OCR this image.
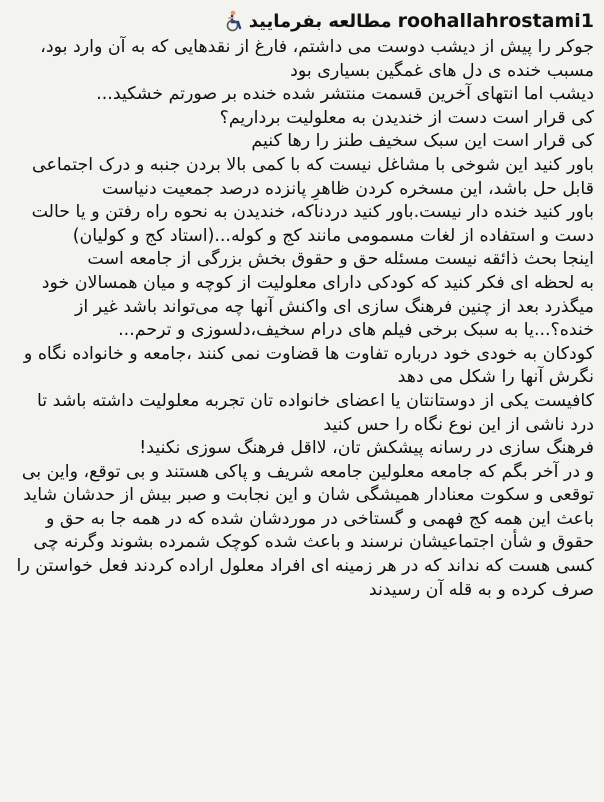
مطالعه بفرمایید roohallahrostami1

جوکر را پیش از دیشب دوست می داشتم، فارغ از نقدهایی که به آن وارد بود، مسبب خنده ی دل های غمگین بسیاری بود

دیشب اما انتهای آخرین قسمت منتشر شده خنده بر صورتم خشکید...

کی قرار است دست از خندیدن به معلولیت برداریم؟

کی قرار است این سبک سخیف طنز را رها کنیم

باور کنید این شوخی با مشاغل نیست که با کمی بالا بردن جنبه و درک اجتماعی قابل حل باشد، این مسخره کردن ظاهرِ پانزده درصد جمعیت دنیاست

باور کنید خنده دار نیست.باور کنید دردناکه، خندیدن به نحوه راه رفتن و یا حالت دست و استفاده از لغات مسمومی مانند کج و کوله...(استاد کج و کولیان)

اینجا بحث ذائقه نیست مسئله حق و حقوق بخش بزرگی از جامعه است

به لحظه ای فکر کنید که کودکی دارای معلولیت از کوچه و میان همسالان خود میگذرد بعد از چنین فرهنگ سازی ای واکنش آنها چه می‌تواند باشد غیر از خنده؟...یا به سبک برخی فیلم های درام سخیف،دلسوزی و ترحم...

کودکان به خودی خود درباره تفاوت ها قضاوت نمی کنند ،جامعه و خانواده نگاه و نگرش آنها را شکل می دهد

کافیست یکی از دوستانتان یا اعضای خانواده تان تجربه معلولیت داشته باشد تا درد ناشی از این نوع نگاه را حس کنید

فرهنگ سازی در رسانه پیشکش تان، لااقل فرهنگ سوزی نکنید!

و در آخر بگم که جامعه معلولین جامعه شریف و پاکی هستند و بی توقع، واین بی توقعی و سکوت معنادار همیشگی شان و این نجابت و صبر بیش از حدشان شاید باعث این همه کج فهمی و گستاخی در موردشان شده که در همه جا به حق و حقوق و شأن اجتماعیشان نرسند و باعث شده کوچک شمرده بشوند وگرنه چی کسی هست که نداند که در هر زمینه ای افراد معلول اراده کردند فعل خواستن را صرف کرده و به قله آن رسیدند
